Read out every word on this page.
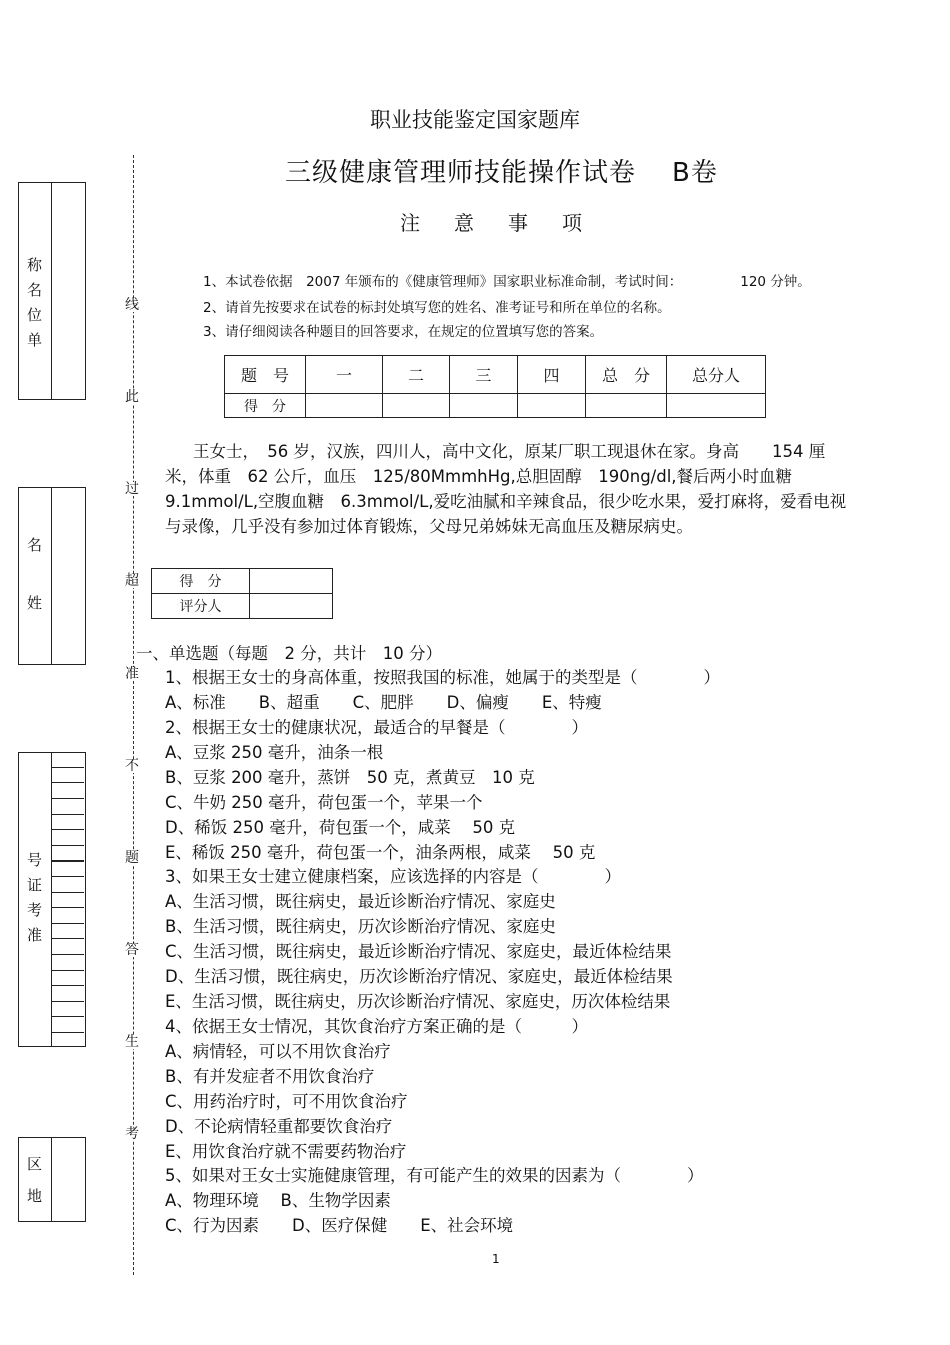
称
名
位
单
名
姓
号
证
考
准
区
地
线
此
过
超
准
不
题
答
生
考
职业技能鉴定国家题库
三级健康管理师技能操作试卷 B卷
注意事项
1、本试卷依据　2007 年颁布的《健康管理师》国家职业标准命制，考试时间：	120 分钟。
2、请首先按要求在试卷的标封处填写您的姓名、准考证号和所在单位的名称。
3、请仔细阅读各种题目的回答要求，在规定的位置填写您的答案。
题　号	一	二	三	四	总　分	总分人
得　分						
王女士，　56 岁，汉族，四川人，高中文化，原某厂职工现退休在家。身高　　154 厘米，体重　62 公斤，血压　125/80MmmhHg,总胆固醇　190ng/dl,餐后两小时血糖 9.1mmol/L,空腹血糖　6.3mmol/L,爱吃油腻和辛辣食品，很少吃水果，爱打麻将，爱看电视与录像，几乎没有参加过体育锻炼，父母兄弟姊妹无高血压及糖尿病史。
得　分	
评分人	
一、单选题（每题　2 分，共计　10 分）
1、根据王女士的身高体重，按照我国的标准，她属于的类型是（　　　　）
A、标准　　B、超重　　C、肥胖　　D、偏瘦　　E、特瘦
2、根据王女士的健康状况，最适合的早餐是（　　　　）
A、豆浆 250 毫升，油条一根
B、豆浆 200 毫升，蒸饼　50 克，煮黄豆　10 克
C、牛奶 250 毫升，荷包蛋一个，苹果一个
D、稀饭 250 毫升，荷包蛋一个，咸菜　 50 克
E、稀饭 250 毫升，荷包蛋一个，油条两根，咸菜　 50 克
3、如果王女士建立健康档案，应该选择的内容是（　　　　）
A、生活习惯，既往病史，最近诊断治疗情况、家庭史
B、生活习惯，既往病史，历次诊断治疗情况、家庭史
C、生活习惯，既往病史，最近诊断治疗情况、家庭史，最近体检结果
D、生活习惯，既往病史，历次诊断治疗情况、家庭史，最近体检结果
E、生活习惯，既往病史，历次诊断治疗情况、家庭史，历次体检结果
4、依据王女士情况，其饮食治疗方案正确的是（　　　）
A、病情轻，可以不用饮食治疗
B、有并发症者不用饮食治疗
C、用药治疗时，可不用饮食治疗
D、不论病情轻重都要饮食治疗
E、用饮食治疗就不需要药物治疗
5、如果对王女士实施健康管理，有可能产生的效果的因素为（　　　　）
A、物理环境　 B、生物学因素
C、行为因素　　D、医疗保健　　E、社会环境
1
